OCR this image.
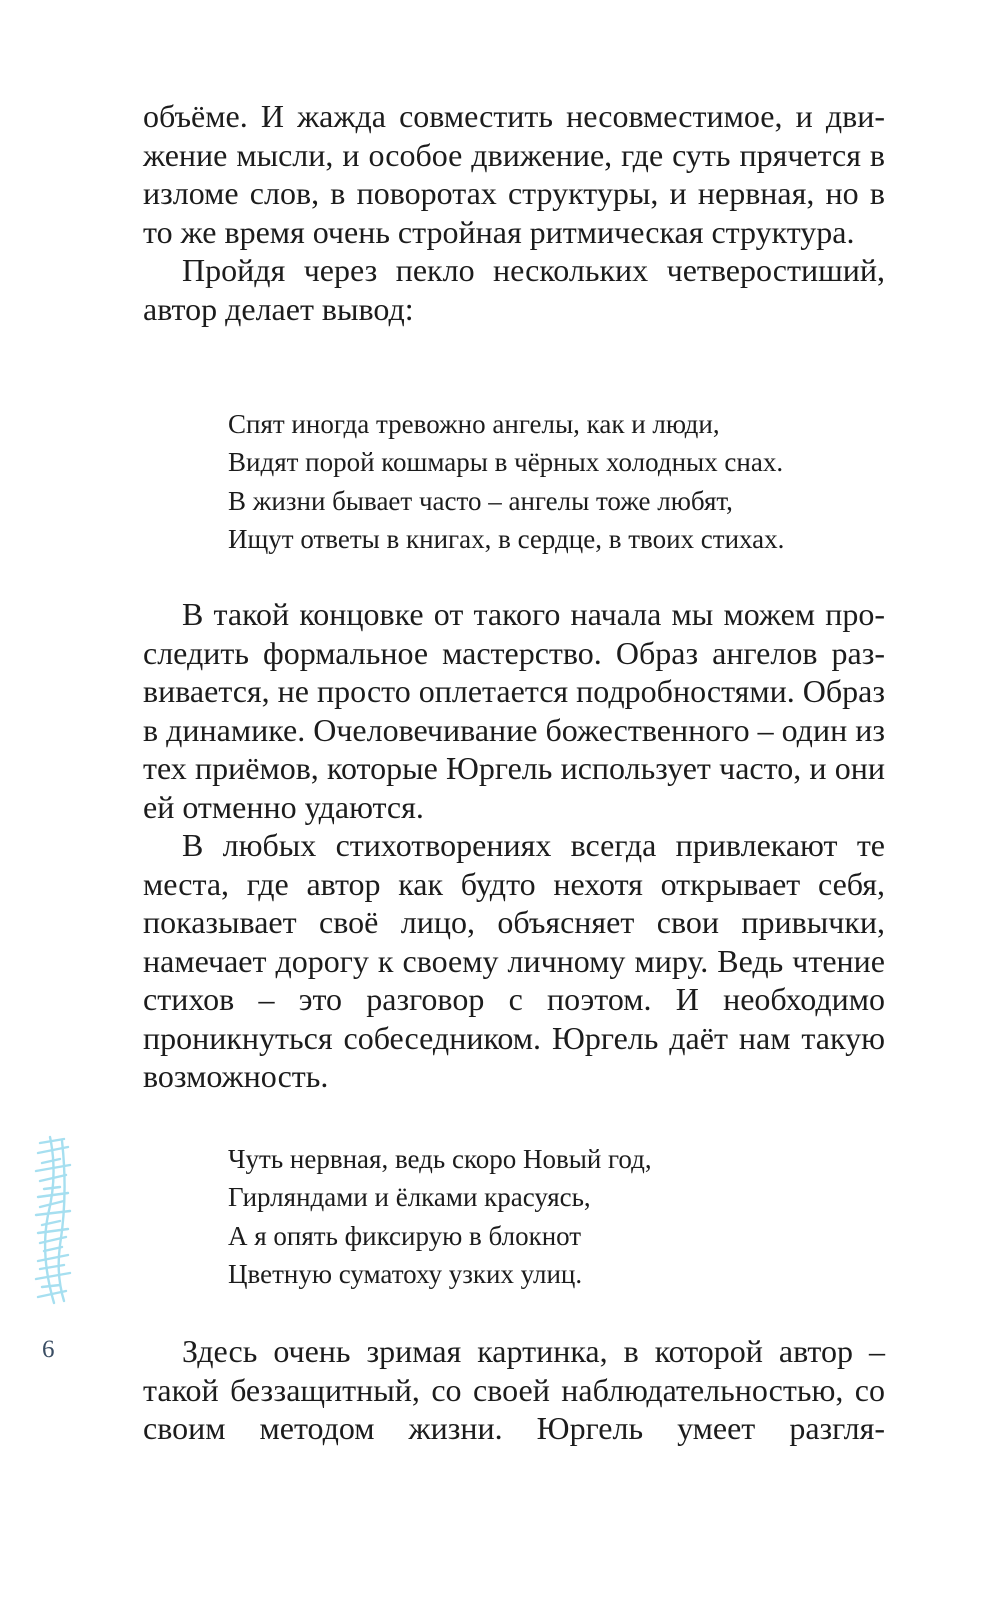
объёме. И жажда совместить несовместимое, и движение мысли, и особое движение, где суть прячется в изломе слов, в поворотах структуры, и нервная, но в то же время очень стройная ритмическая структура.

Пройдя через пекло нескольких четверостиший, автор делает вывод:

Спят иногда тревожно ангелы, как и люди,
Видят порой кошмары в чёрных холодных снах.
В жизни бывает часто – ангелы тоже любят,
Ищут ответы в книгах, в сердце, в твоих стихах.

В такой концовке от такого начала мы можем проследить формальное мастерство. Образ ангелов развивается, не просто оплетается подробностями. Образ в динамике. Очеловечивание божественного – один из тех приёмов, которые Юргель использует часто, и они ей отменно удаются.

В любых стихотворениях всегда привлекают те места, где автор как будто нехотя открывает себя, показывает своё лицо, объясняет свои привычки, намечает дорогу к своему личному миру. Ведь чтение стихов – это разговор с поэтом. И необходимо проникнуться собеседником. Юргель даёт нам такую возможность.

Чуть нервная, ведь скоро Новый год,
Гирляндами и ёлками красуясь,
А я опять фиксирую в блокнот
Цветную суматоху узких улиц.

Здесь очень зримая картинка, в которой автор – такой беззащитный, со своей наблюдательностью, со своим методом жизни. Юргель умеет разгля-

6
